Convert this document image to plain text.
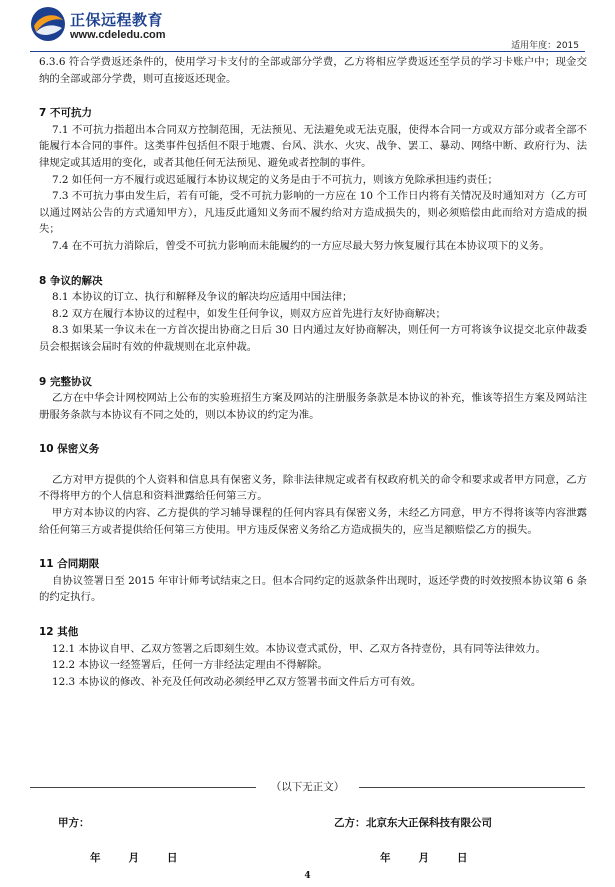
正保远程教育
www.cdeledu.com
适用年度：2015
6.3.6 符合学费返还条件的，使用学习卡支付的全部或部分学费，乙方将相应学费返还至学员的学习卡账户中；现金交纳的全部或部分学费，则可直接返还现金。
7 不可抗力
7.1 不可抗力指超出本合同双方控制范围，无法预见、无法避免或无法克服，使得本合同一方或双方部分或者全部不能履行本合同的事件。这类事件包括但不限于地震、台风、洪水、火灾、战争、罢工、暴动、网络中断、政府行为、法律规定或其适用的变化，或者其他任何无法预见、避免或者控制的事件。
7.2 如任何一方不履行或迟延履行本协议规定的义务是由于不可抗力，则该方免除承担违约责任；
7.3 不可抗力事由发生后，若有可能，受不可抗力影响的一方应在 10 个工作日内将有关情况及时通知对方（乙方可以通过网站公告的方式通知甲方），凡违反此通知义务而不履约给对方造成损失的，则必须赔偿由此而给对方造成的损失；
7.4 在不可抗力消除后，曾受不可抗力影响而未能履约的一方应尽最大努力恢复履行其在本协议项下的义务。
8 争议的解决
8.1 本协议的订立、执行和解释及争议的解决均应适用中国法律；
8.2 双方在履行本协议的过程中，如发生任何争议，则双方应首先进行友好协商解决；
8.3 如果某一争议未在一方首次提出协商之日后 30 日内通过友好协商解决，则任何一方可将该争议提交北京仲裁委员会根据该会届时有效的仲裁规则在北京仲裁。
9 完整协议
乙方在中华会计网校网站上公布的实验班招生方案及网站的注册服务条款是本协议的补充，惟该等招生方案及网站注册服务条款与本协议有不同之处的，则以本协议的约定为准。
10 保密义务
乙方对甲方提供的个人资料和信息具有保密义务，除非法律规定或者有权政府机关的命令和要求或者甲方同意，乙方不得将甲方的个人信息和资料泄露给任何第三方。
甲方对本协议的内容、乙方提供的学习辅导课程的任何内容具有保密义务，未经乙方同意，甲方不得将该等内容泄露给任何第三方或者提供给任何第三方使用。甲方违反保密义务给乙方造成损失的，应当足额赔偿乙方的损失。
11 合同期限
自协议签署日至 2015 年审计师考试结束之日。但本合同约定的返款条件出现时，返还学费的时效按照本协议第 6 条的约定执行。
12 其他
12.1 本协议自甲、乙双方签署之后即刻生效。本协议壹式贰份，甲、乙双方各持壹份，具有同等法律效力。
12.2 本协议一经签署后，任何一方非经法定理由不得解除。
12.3 本协议的修改、补充及任何改动必须经甲乙双方签署书面文件后方可有效。
（以下无正文）
甲方：	乙方： 北京东大正保科技有限公司
年	月	日	年	月	日
4
